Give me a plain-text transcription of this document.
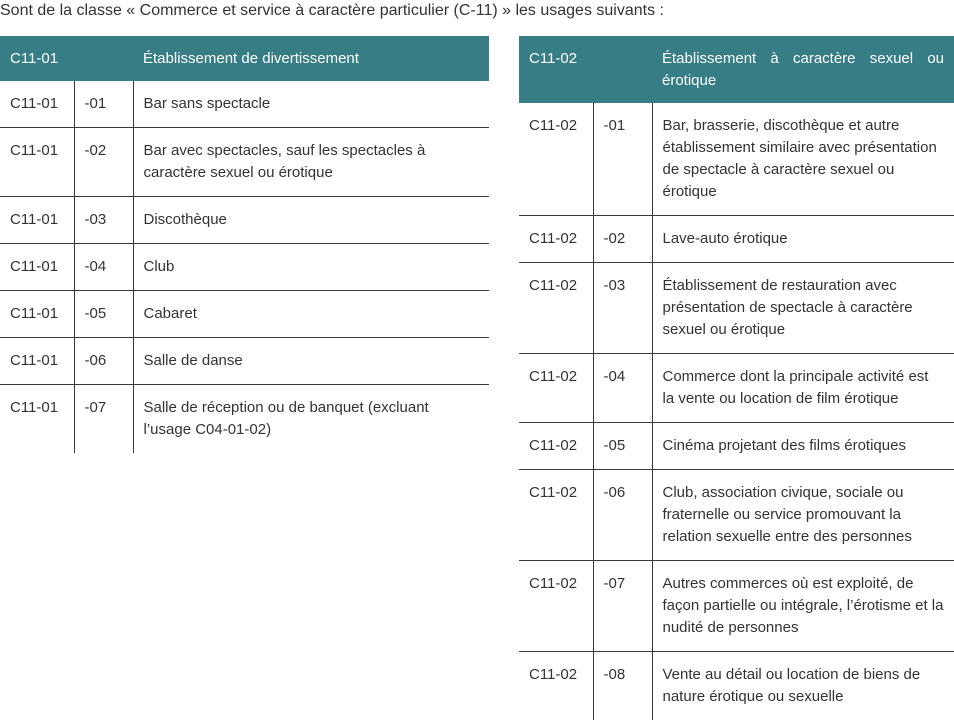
Sont de la classe « Commerce et service à caractère particulier (C-11) » les usages suivants :

C11-01		Établissement de divertissement
C11-01	-01	Bar sans spectacle
C11-01	-02	Bar avec spectacles, sauf les spectacles à caractère sexuel ou érotique
C11-01	-03	Discothèque
C11-01	-04	Club
C11-01	-05	Cabaret
C11-01	-06	Salle de danse
C11-01	-07	Salle de réception ou de banquet (excluant l’usage C04-01-02)
C11-02		Établissement à caractère sexuel ou érotique
C11-02	-01	Bar, brasserie, discothèque et autre établissement similaire avec présentation de spectacle à caractère sexuel ou érotique
C11-02	-02	Lave-auto érotique
C11-02	-03	Établissement de restauration avec présentation de spectacle à caractère sexuel ou érotique
C11-02	-04	Commerce dont la principale activité est la vente ou location de film érotique
C11-02	-05	Cinéma projetant des films érotiques
C11-02	-06	Club, association civique, sociale ou fraternelle ou service promouvant la relation sexuelle entre des personnes
C11-02	-07	Autres commerces où est exploité, de façon partielle ou intégrale, l’érotisme et la nudité de personnes
C11-02	-08	Vente au détail ou location de biens de nature érotique ou sexuelle
